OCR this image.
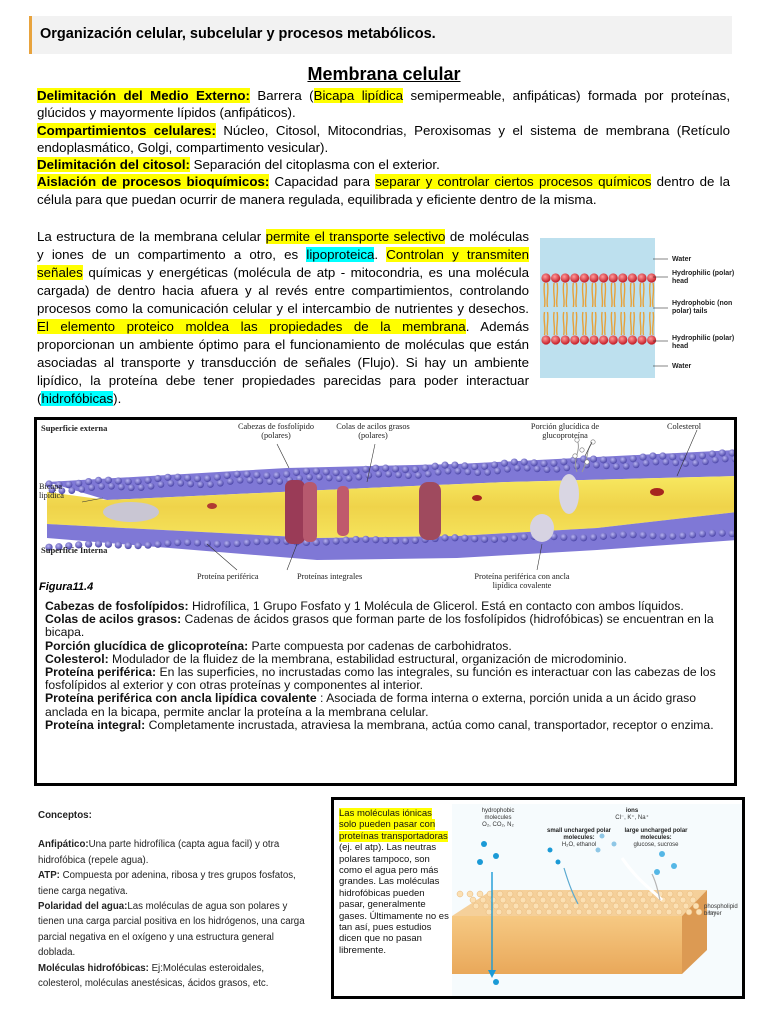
Organización celular, subcelular y procesos metabólicos.
Membrana celular

Delimitación del Medio Externo: Barrera (Bicapa lipídica semipermeable, anfipáticas) formada por proteínas, glúcidos y mayormente lípidos (anfipáticos).

Compartimientos celulares: Núcleo, Citosol, Mitocondrias, Peroxisomas y el sistema de membrana (Retículo endoplasmático, Golgi, compartimento vesicular).

Delimitación del citosol: Separación del citoplasma con el exterior.

Aislación de procesos bioquímicos: Capacidad para separar y controlar ciertos procesos químicos dentro de la célula para que puedan ocurrir de manera regulada, equilibrada y eficiente dentro de la misma.

La estructura de la membrana celular permite el transporte selectivo de moléculas y iones de un compartimento a otro, es lipoproteica. Controlan y transmiten señales químicas y energéticas (molécula de atp - mitocondria, es una molécula cargada) de dentro hacia afuera y al revés entre compartimientos, controlando procesos como la comunicación celular y el intercambio de nutrientes y desechos. El elemento proteico moldea las propiedades de la membrana. Además proporcionan un ambiente óptimo para el funcionamiento de moléculas que están asociadas al transporte y transducción de señales (Flujo). Si hay un ambiente lipídico, la proteína debe tener propiedades parecidas para poder interactuar (hidrofóbicas).
Water
Hydrophilic (polar) head
Hydrophobic (non polar) tails
Hydrophilic (polar) head
Water
Superficie externa	Cabezas de fosfolípido (polares)
Colas de acilos grasos (polares)
Porción glucídica de glucoproteína
Colesterol
Bicapa lipídica
Superficie Interna
Proteína periférica	Proteínas integrales	Proteína periférica con ancla lipídica covalente
Figura11.4

Cabezas de fosfolípidos: Hidrofílica, 1 Grupo Fosfato y 1 Molécula de Glicerol. Está en contacto con ambos líquidos.

Colas de acilos grasos: Cadenas de ácidos grasos que forman parte de los fosfolípidos (hidrofóbicas) se encuentran en la bicapa.

Porción glucídica de glicoproteína: Parte compuesta por cadenas de carbohidratos.

Colesterol: Modulador de la fluidez de la membrana, estabilidad estructural, organización de microdominio.

Proteína periférica: En las superficies, no incrustadas como las integrales, su función es interactuar con las cabezas de los fosfolípidos al exterior y con otras proteínas y componentes al interior.

Proteína periférica con ancla lipídica covalente : Asociada de forma interna o externa, porción unida a un ácido graso anclada en la bicapa, permite anclar la proteína a la membrana celular.

Proteína integral: Completamente incrustada, atraviesa la membrana, actúa como canal, transportador, receptor o enzima.

Conceptos:

Anfipático:Una parte hidrofílica (capta agua facil) y otra hidrofóbica (repele agua).

ATP: Compuesta por adenina, ribosa y tres grupos fosfatos, tiene carga negativa.

Polaridad del agua:Las moléculas de agua son polares y tienen una carga parcial positiva en los hidrógenos, una carga parcial negativa en el oxígeno y una estructura general doblada.

Moléculas hidrofóbicas: Ej:Moléculas esteroidales, colesterol, moléculas anestésicas, ácidos grasos, etc.

Las moléculas iónicas solo pueden pasar con proteínas transportadoras (ej. el atp). Las neutras polares tampoco, son como el agua pero más grandes. Las moléculas hidrofóbicas pueden pasar, generalmente gases. Últimamente no es tan así, pues estudios dicen que no pasan libremente.
hydrophobic molecules
O₂, CO₂, N₂
ions
Cl⁻, K⁺, Na⁺
small uncharged polar molecules:
H₂O, ethanol
large uncharged polar molecules:
glucose, sucrose
phospholipid bilayer
